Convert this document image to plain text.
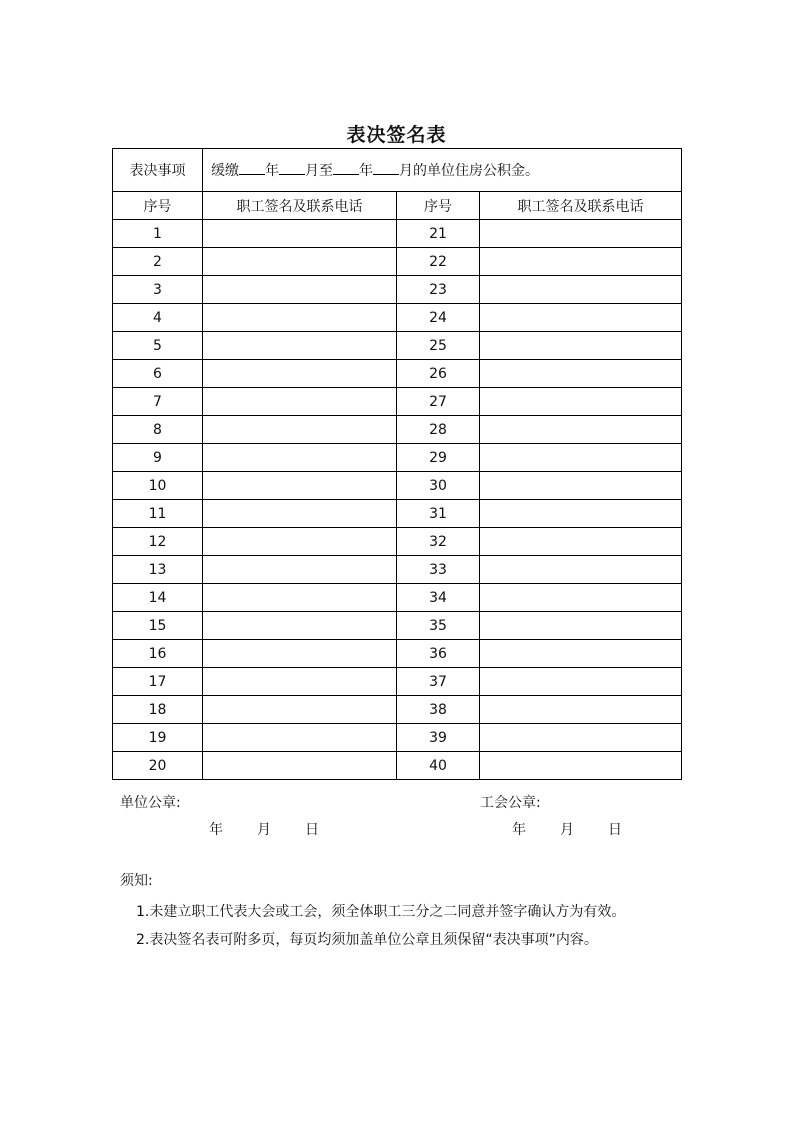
表决签名表
表决事项	缓缴 年 月至 年 月的单位住房公积金。		
序号	职工签名及联系电话	序号	职工签名及联系电话
1		21	
2		22	
3		23	
4		24	
5		25	
6		26	
7		27	
8		28	
9		29	
10		30	
11		31	
12		32	
13		33	
14		34	
15		35	
16		36	
17		37	
18		38	
19		39	
20		40	
单位公章:	工会公章:
年 月 日	年 月 日
须知:
1.未建立职工代表大会或工会，须全体职工三分之二同意并签字确认方为有效。
2.表决签名表可附多页，每页均须加盖单位公章且须保留“表决事项”内容。
